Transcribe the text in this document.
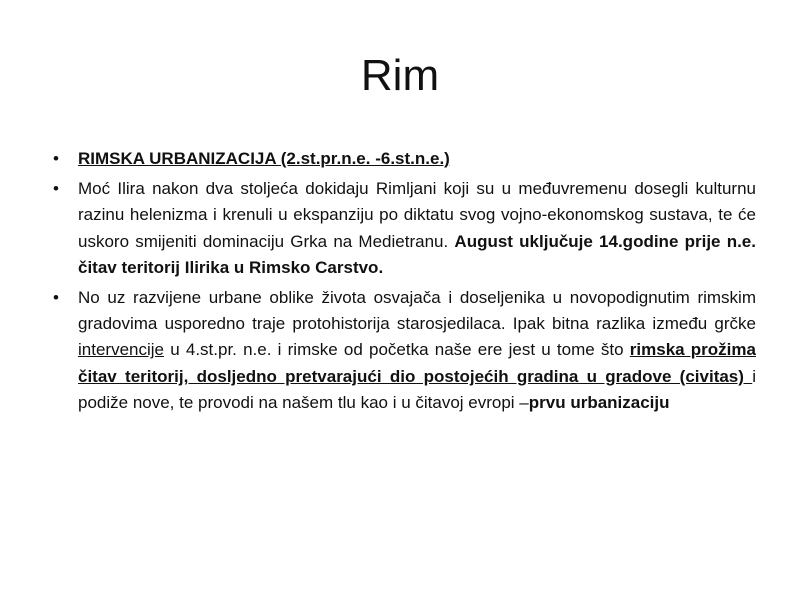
Rim
• RIMSKA URBANIZACIJA (2.st.pr.n.e. -6.st.n.e.)
• Moć Ilira nakon dva stoljeća dokidaju Rimljani koji su u međuvremenu dosegli kulturnu razinu helenizma i krenuli u ekspanziju po diktatu svog vojno-ekonomskog sustava, te će uskoro smijeniti dominaciju Grka na Medietranu. August uključuje 14.godine prije n.e. čitav teritorij Ilirika u Rimsko Carstvo.
• No uz razvijene urbane oblike života osvajača i doseljenika u novopodignutim rimskim gradovima usporedno traje protohistorija starosjedilaca. Ipak bitna razlika između grčke intervencije u 4.st.pr. n.e. i rimske od početka naše ere jest u tome što rimska prožima čitav teritorij, dosljedno pretvarajući dio postojećih gradina u gradove (civitas) i podiže nove, te provodi na našem tlu kao i u čitavoj evropi –prvu urbanizaciju
